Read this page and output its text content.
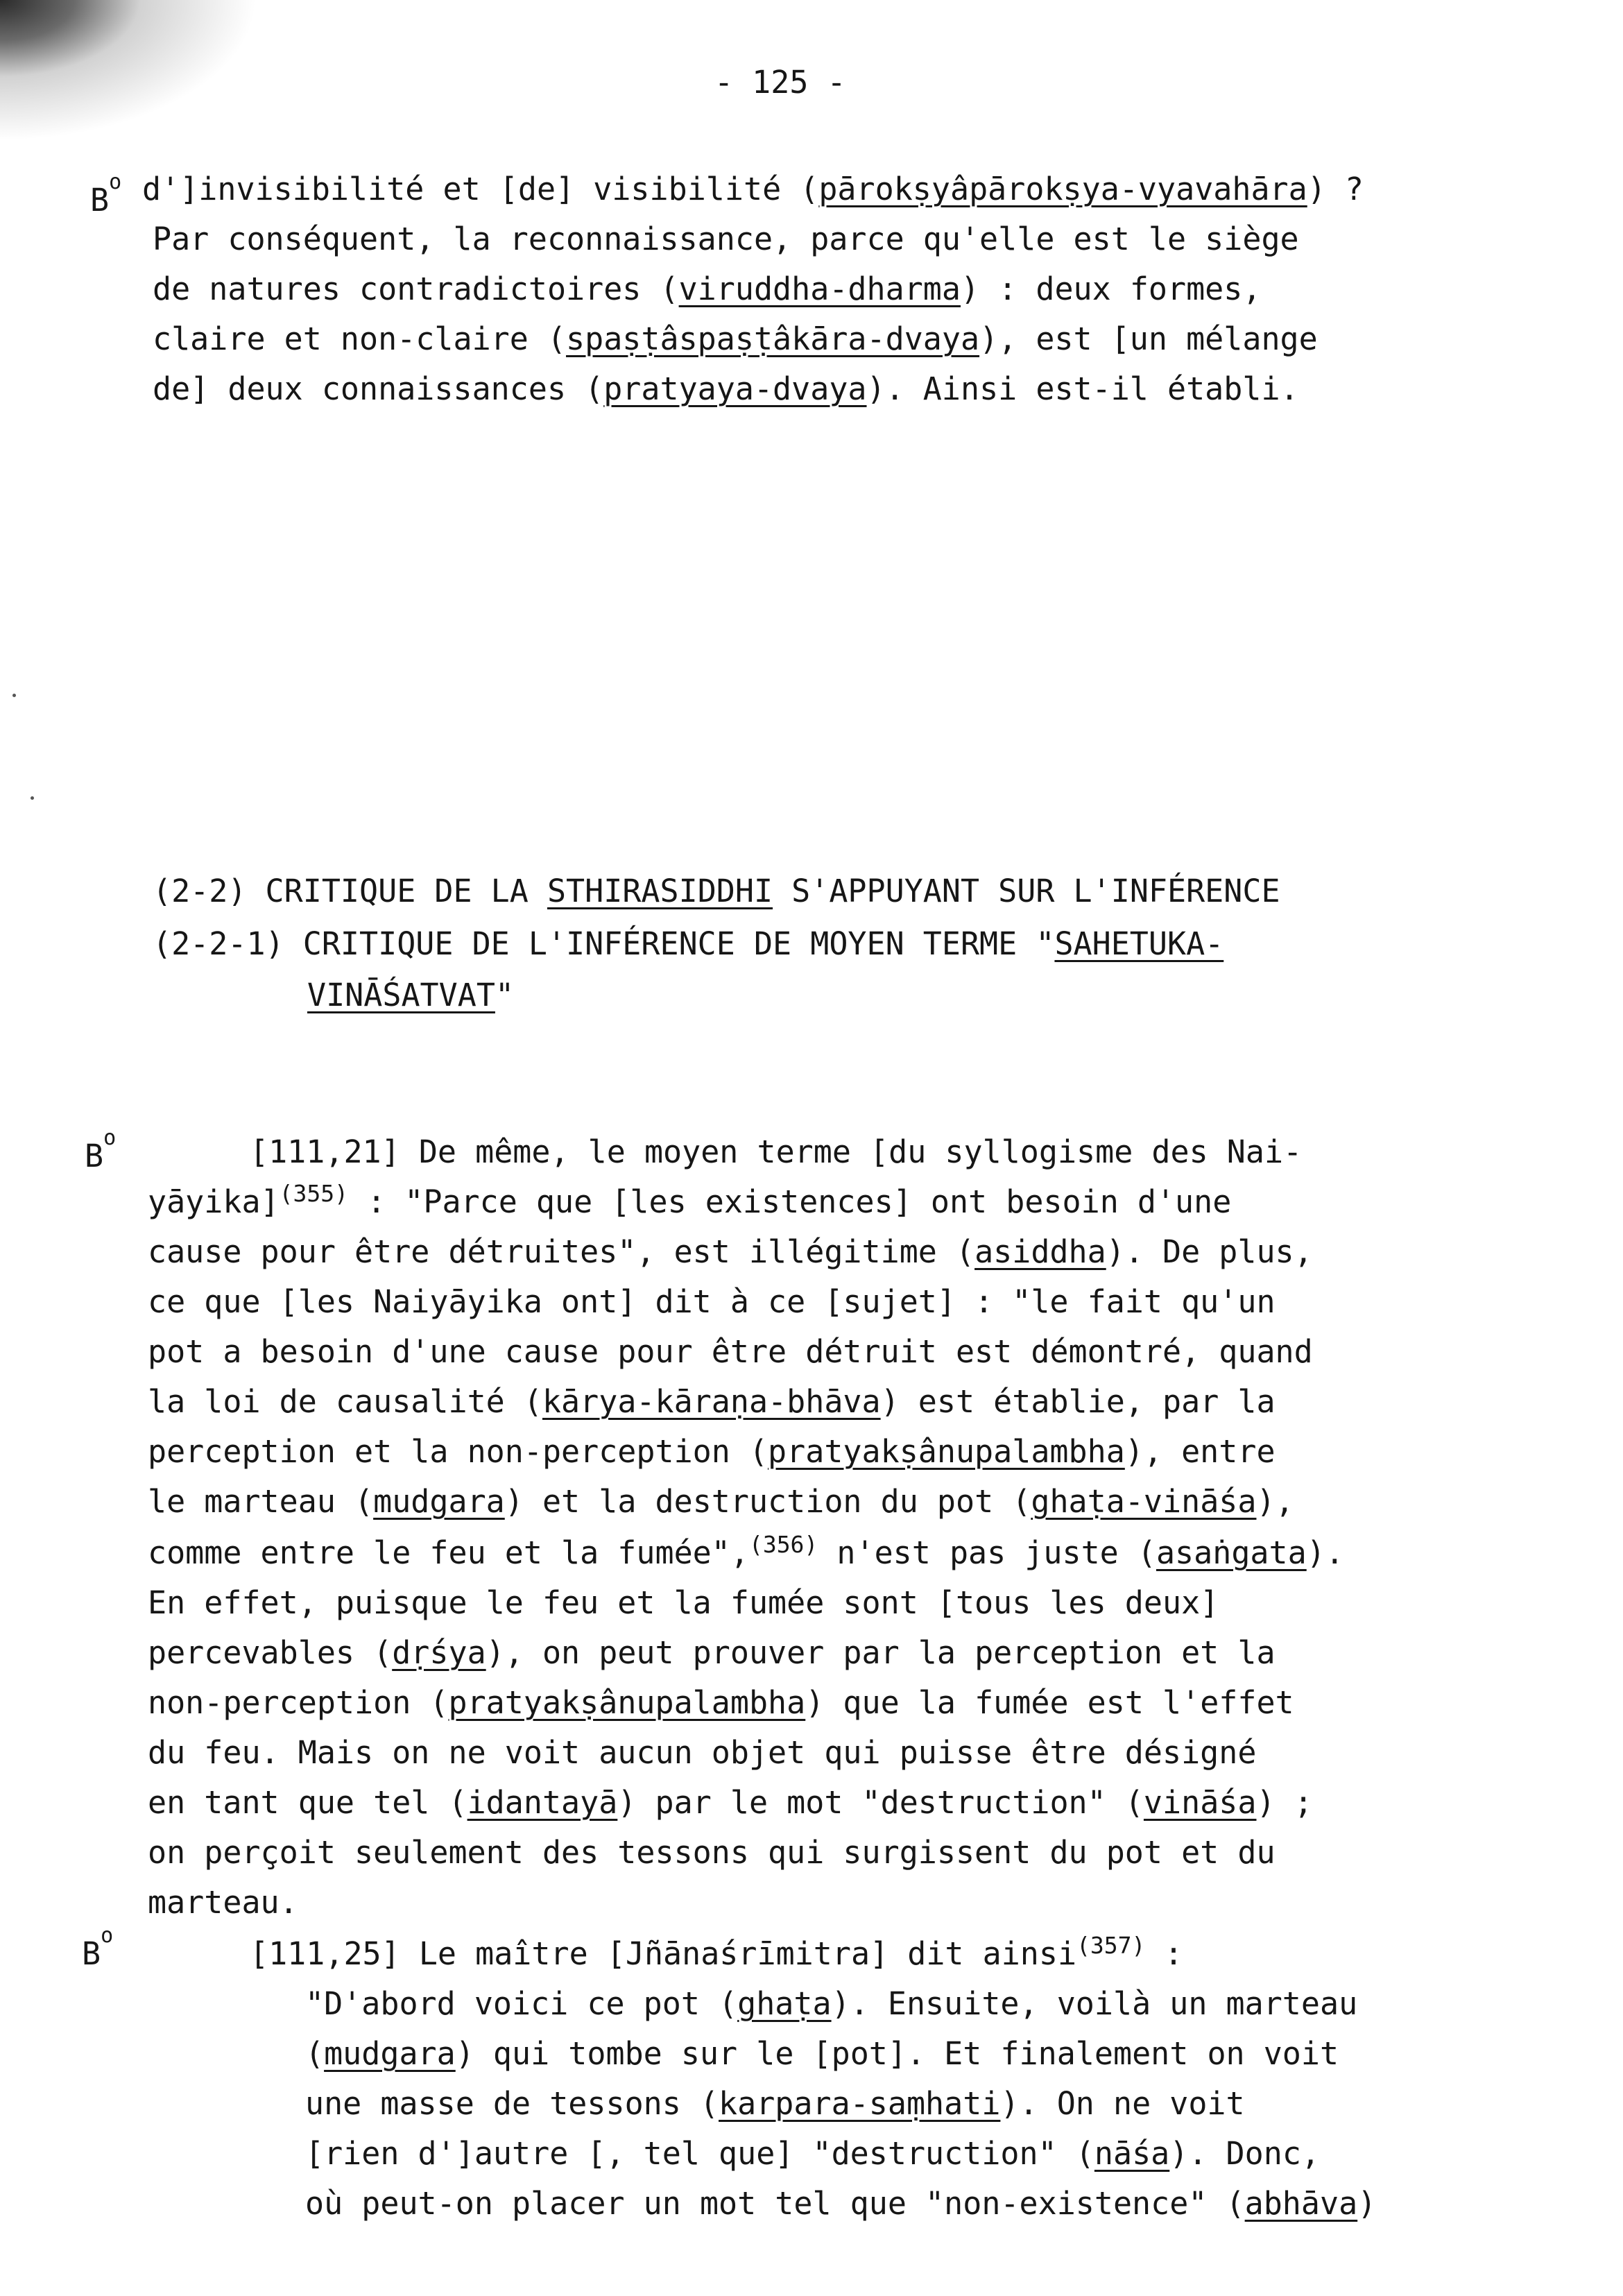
- 125 -
$B^o$ d']invisibilité et [de] visibilité (pārokṣyâpārokṣya-vyavahāra) ?
Par conséquent, la reconnaissance, parce qu'elle est le siège
de natures contradictoires (viruddha-dharma) : deux formes,
claire et non-claire (spaṣṭâspaṣṭâkāra-dvaya), est [un mélange
de] deux connaissances (pratyaya-dvaya). Ainsi est-il établi.
(2-2) CRITIQUE DE LA STHIRASIDDHI S'APPUYANT SUR L'INFÉRENCE
(2-2-1) CRITIQUE DE L'INFÉRENCE DE MOYEN TERME "SAHETUKA-
VINĀŚATVAT"
$B^o$	[111,21] De même, le moyen terme [du syllogisme des Nai-
yāyika]$^{(355)}$ : "Parce que [les existences] ont besoin d'une
cause pour être détruites", est illégitime (asiddha). De plus,
ce que [les Naiyāyika ont] dit à ce [sujet] : "le fait qu'un
pot a besoin d'une cause pour être détruit est démontré, quand
la loi de causalité (kārya-kāraṇa-bhāva) est établie, par la
perception et la non-perception (pratyakṣânupalambha), entre
le marteau (mudgara) et la destruction du pot (ghaṭa-vināśa),
comme entre le feu et la fumée",$^{(356)}$ n'est pas juste (asaṅgata).
En effet, puisque le feu et la fumée sont [tous les deux]
percevables (dṛśya), on peut prouver par la perception et la
non-perception (pratyakṣânupalambha) que la fumée est l'effet
du feu. Mais on ne voit aucun objet qui puisse être désigné
en tant que tel (idantayā) par le mot "destruction" (vināśa) ;
on perçoit seulement des tessons qui surgissent du pot et du
marteau.
$B^o$	[111,25] Le maître [Jñānaśrīmitra] dit ainsi$^{(357)}$ :
"D'abord voici ce pot (ghaṭa). Ensuite, voilà un marteau
(mudgara) qui tombe sur le [pot]. Et finalement on voit
une masse de tessons (karpara-saṃhati). On ne voit
[rien d']autre [, tel que] "destruction" (nāśa). Donc,
où peut-on placer un mot tel que "non-existence" (abhāva)
